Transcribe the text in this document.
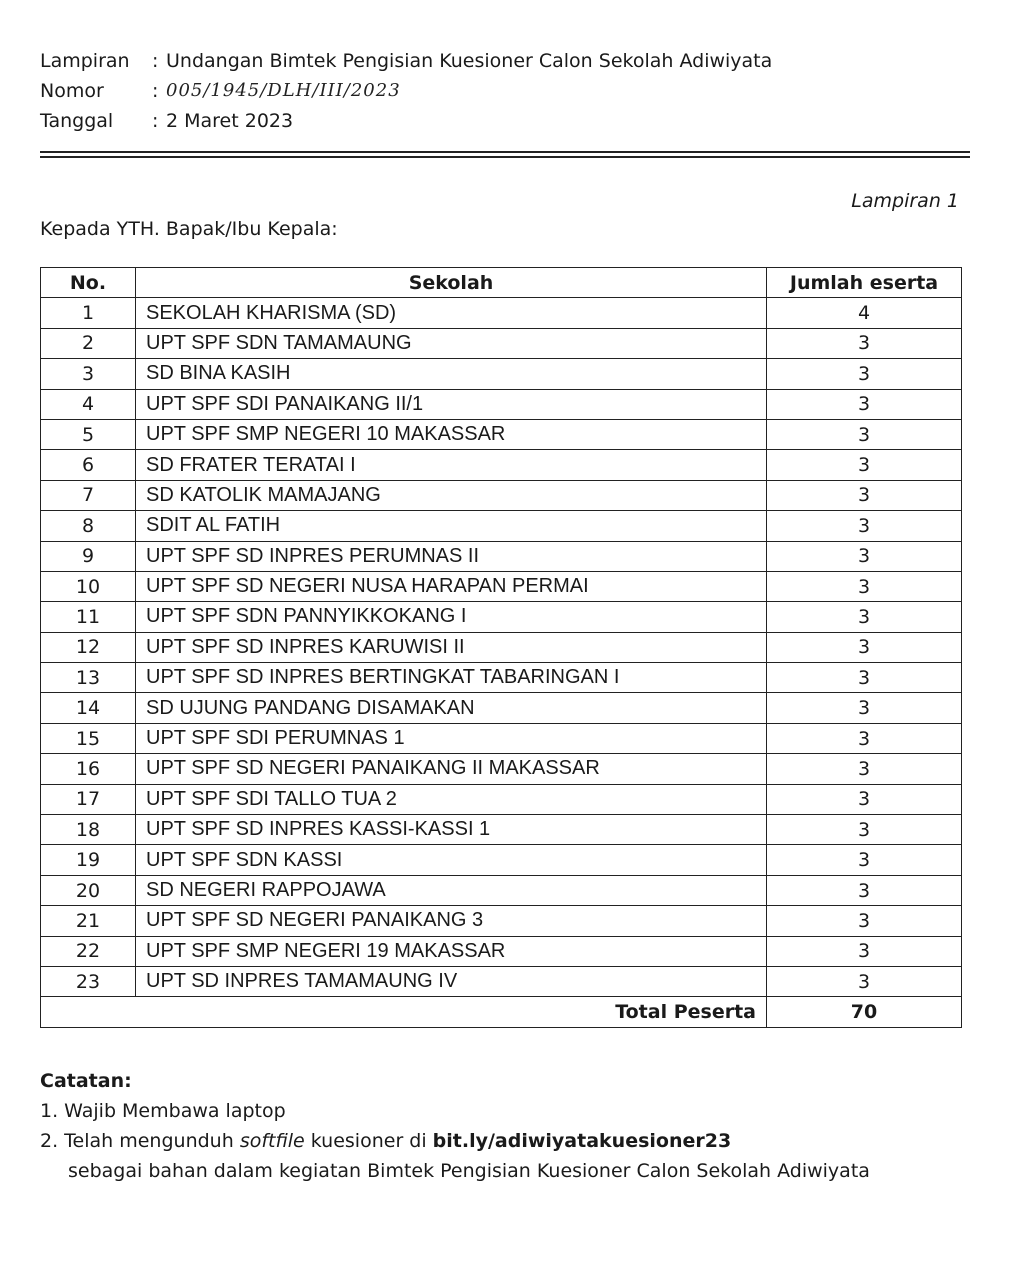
Lampiran	: Undangan Bimtek Pengisian Kuesioner Calon Sekolah Adiwiyata
Nomor	: 005/1945/DLH/III/2023
Tanggal	: 2 Maret 2023
Lampiran 1
Kepada YTH. Bapak/Ibu Kepala:
No.	Sekolah	Jumlah eserta
1	SEKOLAH KHARISMA (SD)	4
2	UPT SPF SDN TAMAMAUNG	3
3	SD BINA KASIH	3
4	UPT SPF SDI PANAIKANG II/1	3
5	UPT SPF SMP NEGERI 10 MAKASSAR	3
6	SD FRATER TERATAI I	3
7	SD KATOLIK MAMAJANG	3
8	SDIT AL FATIH	3
9	UPT SPF SD INPRES PERUMNAS II	3
10	UPT SPF SD NEGERI NUSA HARAPAN PERMAI	3
11	UPT SPF SDN PANNYIKKOKANG I	3
12	UPT SPF SD INPRES KARUWISI II	3
13	UPT SPF SD INPRES BERTINGKAT TABARINGAN I	3
14	SD UJUNG PANDANG DISAMAKAN	3
15	UPT SPF SDI PERUMNAS 1	3
16	UPT SPF SD NEGERI PANAIKANG II MAKASSAR	3
17	UPT SPF SDI TALLO TUA 2	3
18	UPT SPF SD INPRES KASSI-KASSI 1	3
19	UPT SPF SDN KASSI	3
20	SD NEGERI RAPPOJAWA	3
21	UPT SPF SD NEGERI PANAIKANG 3	3
22	UPT SPF SMP NEGERI 19 MAKASSAR	3
23	UPT SD INPRES TAMAMAUNG IV	3
Total Peserta		70
Catatan:
1. Wajib Membawa laptop
2. Telah mengunduh softfile kuesioner di bit.ly/adiwiyatakuesioner23
sebagai bahan dalam kegiatan Bimtek Pengisian Kuesioner Calon Sekolah Adiwiyata
